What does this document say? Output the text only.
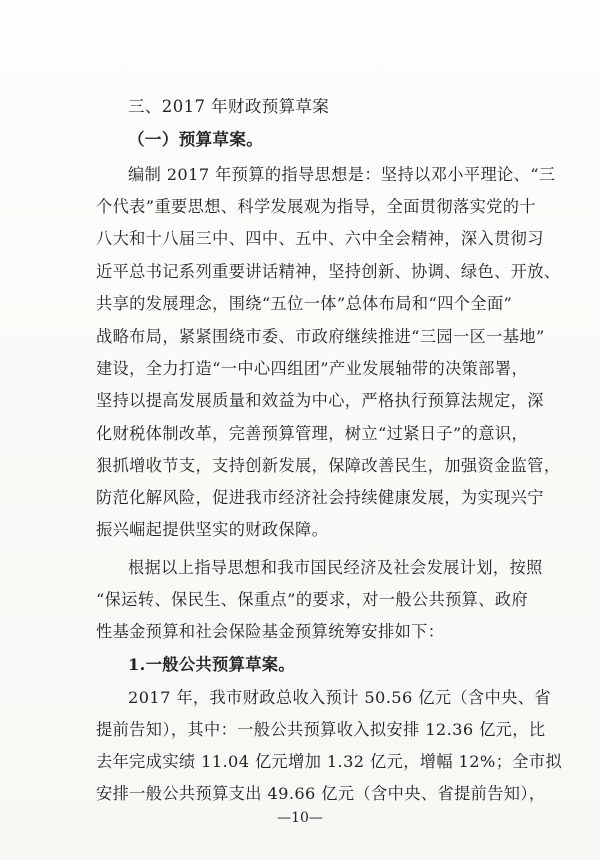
三、2017 年财政预算草案
（一）预算草案。
编制 2017 年预算的指导思想是：坚持以邓小平理论、“三
个代表”重要思想、科学发展观为指导，全面贯彻落实党的十
八大和十八届三中、四中、五中、六中全会精神，深入贯彻习
近平总书记系列重要讲话精神，坚持创新、协调、绿色、开放、
共享的发展理念，围绕“五位一体”总体布局和“四个全面”
战略布局，紧紧围绕市委、市政府继续推进“三园一区一基地”
建设，全力打造“一中心四组团”产业发展轴带的决策部署，
坚持以提高发展质量和效益为中心，严格执行预算法规定，深
化财税体制改革，完善预算管理，树立“过紧日子”的意识，
狠抓增收节支，支持创新发展，保障改善民生，加强资金监管，
防范化解风险，促进我市经济社会持续健康发展，为实现兴宁
振兴崛起提供坚实的财政保障。
根据以上指导思想和我市国民经济及社会发展计划，按照
“保运转、保民生、保重点”的要求，对一般公共预算、政府
性基金预算和社会保险基金预算统筹安排如下：
1.一般公共预算草案。
2017 年，我市财政总收入预计 50.56 亿元（含中央、省
提前告知），其中：一般公共预算收入拟安排 12.36 亿元，比
去年完成实绩 11.04 亿元增加 1.32 亿元，增幅 12%；全市拟
—10—
安排一般公共预算支出 49.66 亿元（含中央、省提前告知），
